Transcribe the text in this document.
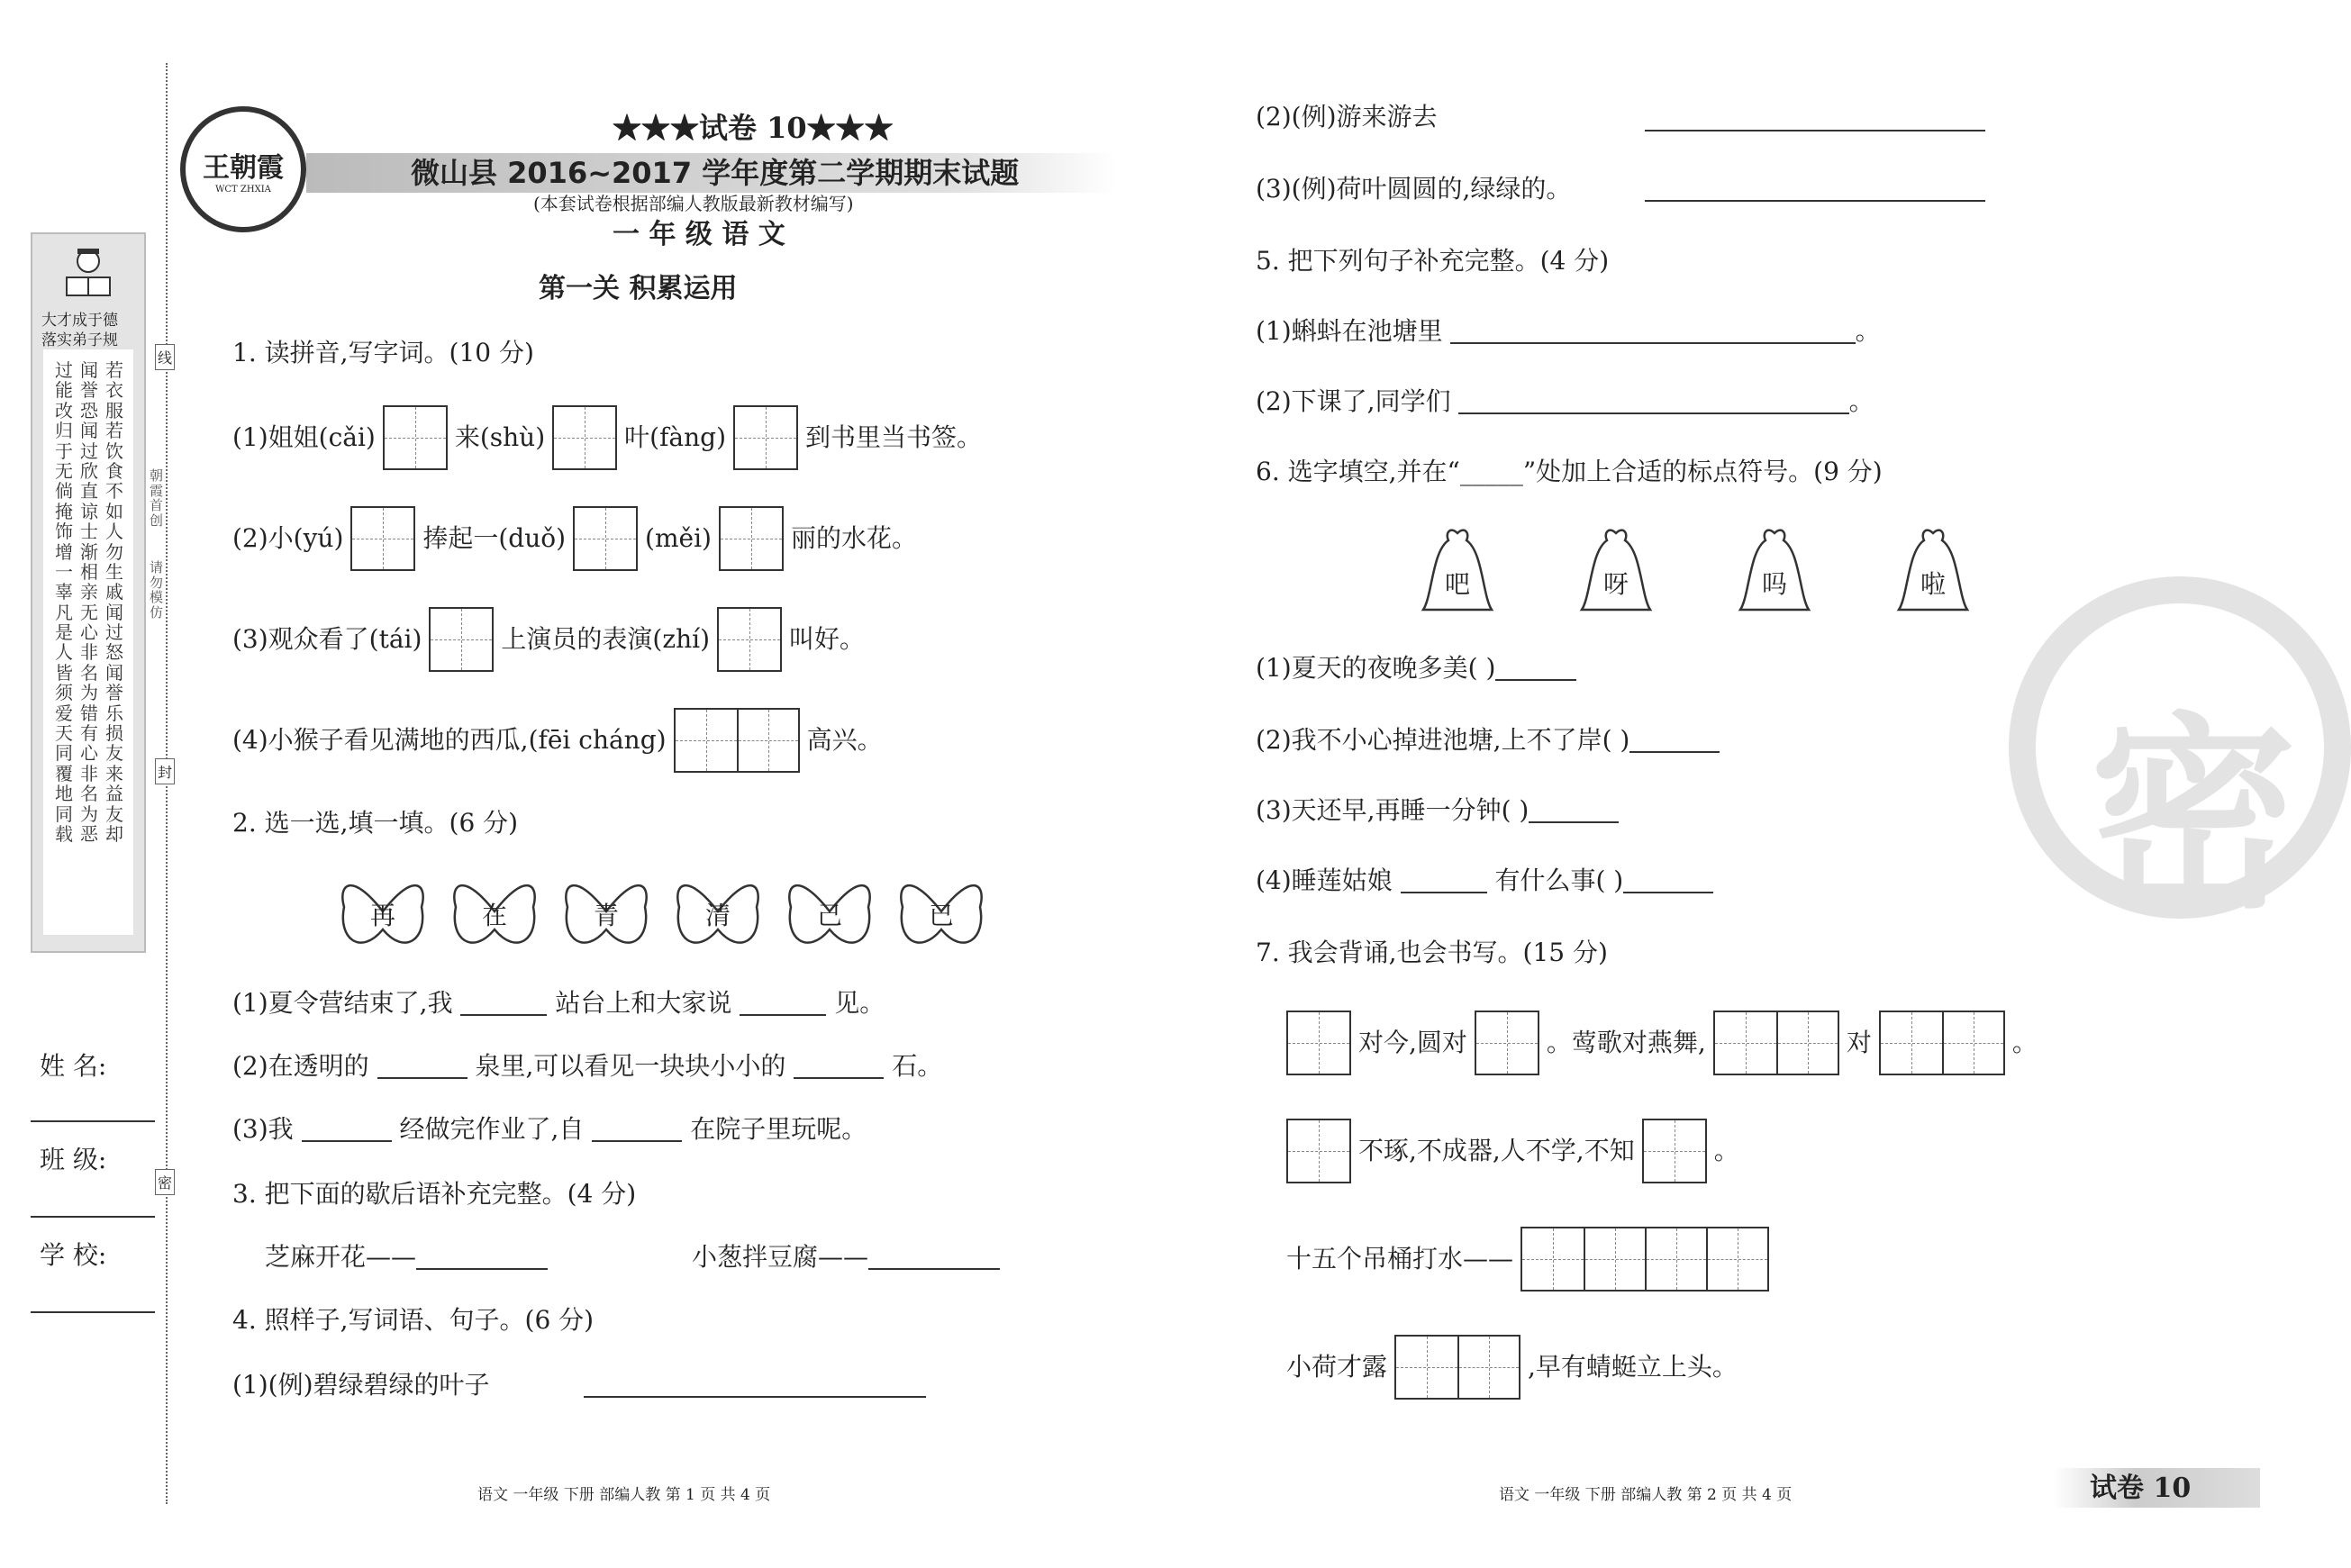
大才成于德
落实弟子规
过能改归于无倘掩饰增一辜凡是人皆须爱天同覆地同载
闻誉恐闻过欣直谅士渐相亲无心非名为错有心非名为恶
若衣服若饮食不如人勿生戚闻过怒闻誉乐损友来益友却
线
封
密
朝霞首创
请勿模仿
姓 名:
班 级:
学 校:
王朝霞
WCT ZHXIA
★★★试卷 10★★★
微山县 2016~2017 学年度第二学期期末试题
(本套试卷根据部编人教版最新教材编写)
一 年 级 语 文
第一关 积累运用
1. 读拼音,写字词。(10 分)
(1)姐姐(cǎi)	来(shù)	叶(fàng)	到书里当书签。
(2)小(yú)	捧起一(duǒ)	(měi)	丽的水花。
(3)观众看了(tái)	上演员的表演(zhí)	叫好。
(4)小猴子看见满地的西瓜,(fēi cháng)	高兴。
2. 选一选,填一填。(6 分)
再	在	青	清	己	已
(1)夏令营结束了,我	站台上和大家说	见。
(2)在透明的	泉里,可以看见一块块小小的	石。
(3)我	经做完作业了,自	在院子里玩呢。
3. 把下面的歇后语补充完整。(4 分)
芝麻开花——	小葱拌豆腐——
4. 照样子,写词语、句子。(6 分)
(1)(例)碧绿碧绿的叶子
(2)(例)游来游去
(3)(例)荷叶圆圆的,绿绿的。
5. 把下列句子补充完整。(4 分)
(1)蝌蚪在池塘里	。
(2)下课了,同学们	。
6. 选字填空,并在“_____”处加上合适的标点符号。(9 分)
吧	呀	吗	啦
(1)夏天的夜晚多美( )
(2)我不小心掉进池塘,上不了岸( )
(3)天还早,再睡一分钟( )
(4)睡莲姑娘	有什么事( )
7. 我会背诵,也会书写。(15 分)
对今,圆对	。莺歌对燕舞,	对	。
不琢,不成器,人不学,不知	。
十五个吊桶打水——
小荷才露	,早有蜻蜓立上头。
密
语文 一年级 下册 部编人教 第 1 页 共 4 页	语文 一年级 下册 部编人教 第 2 页 共 4 页	试卷 10
